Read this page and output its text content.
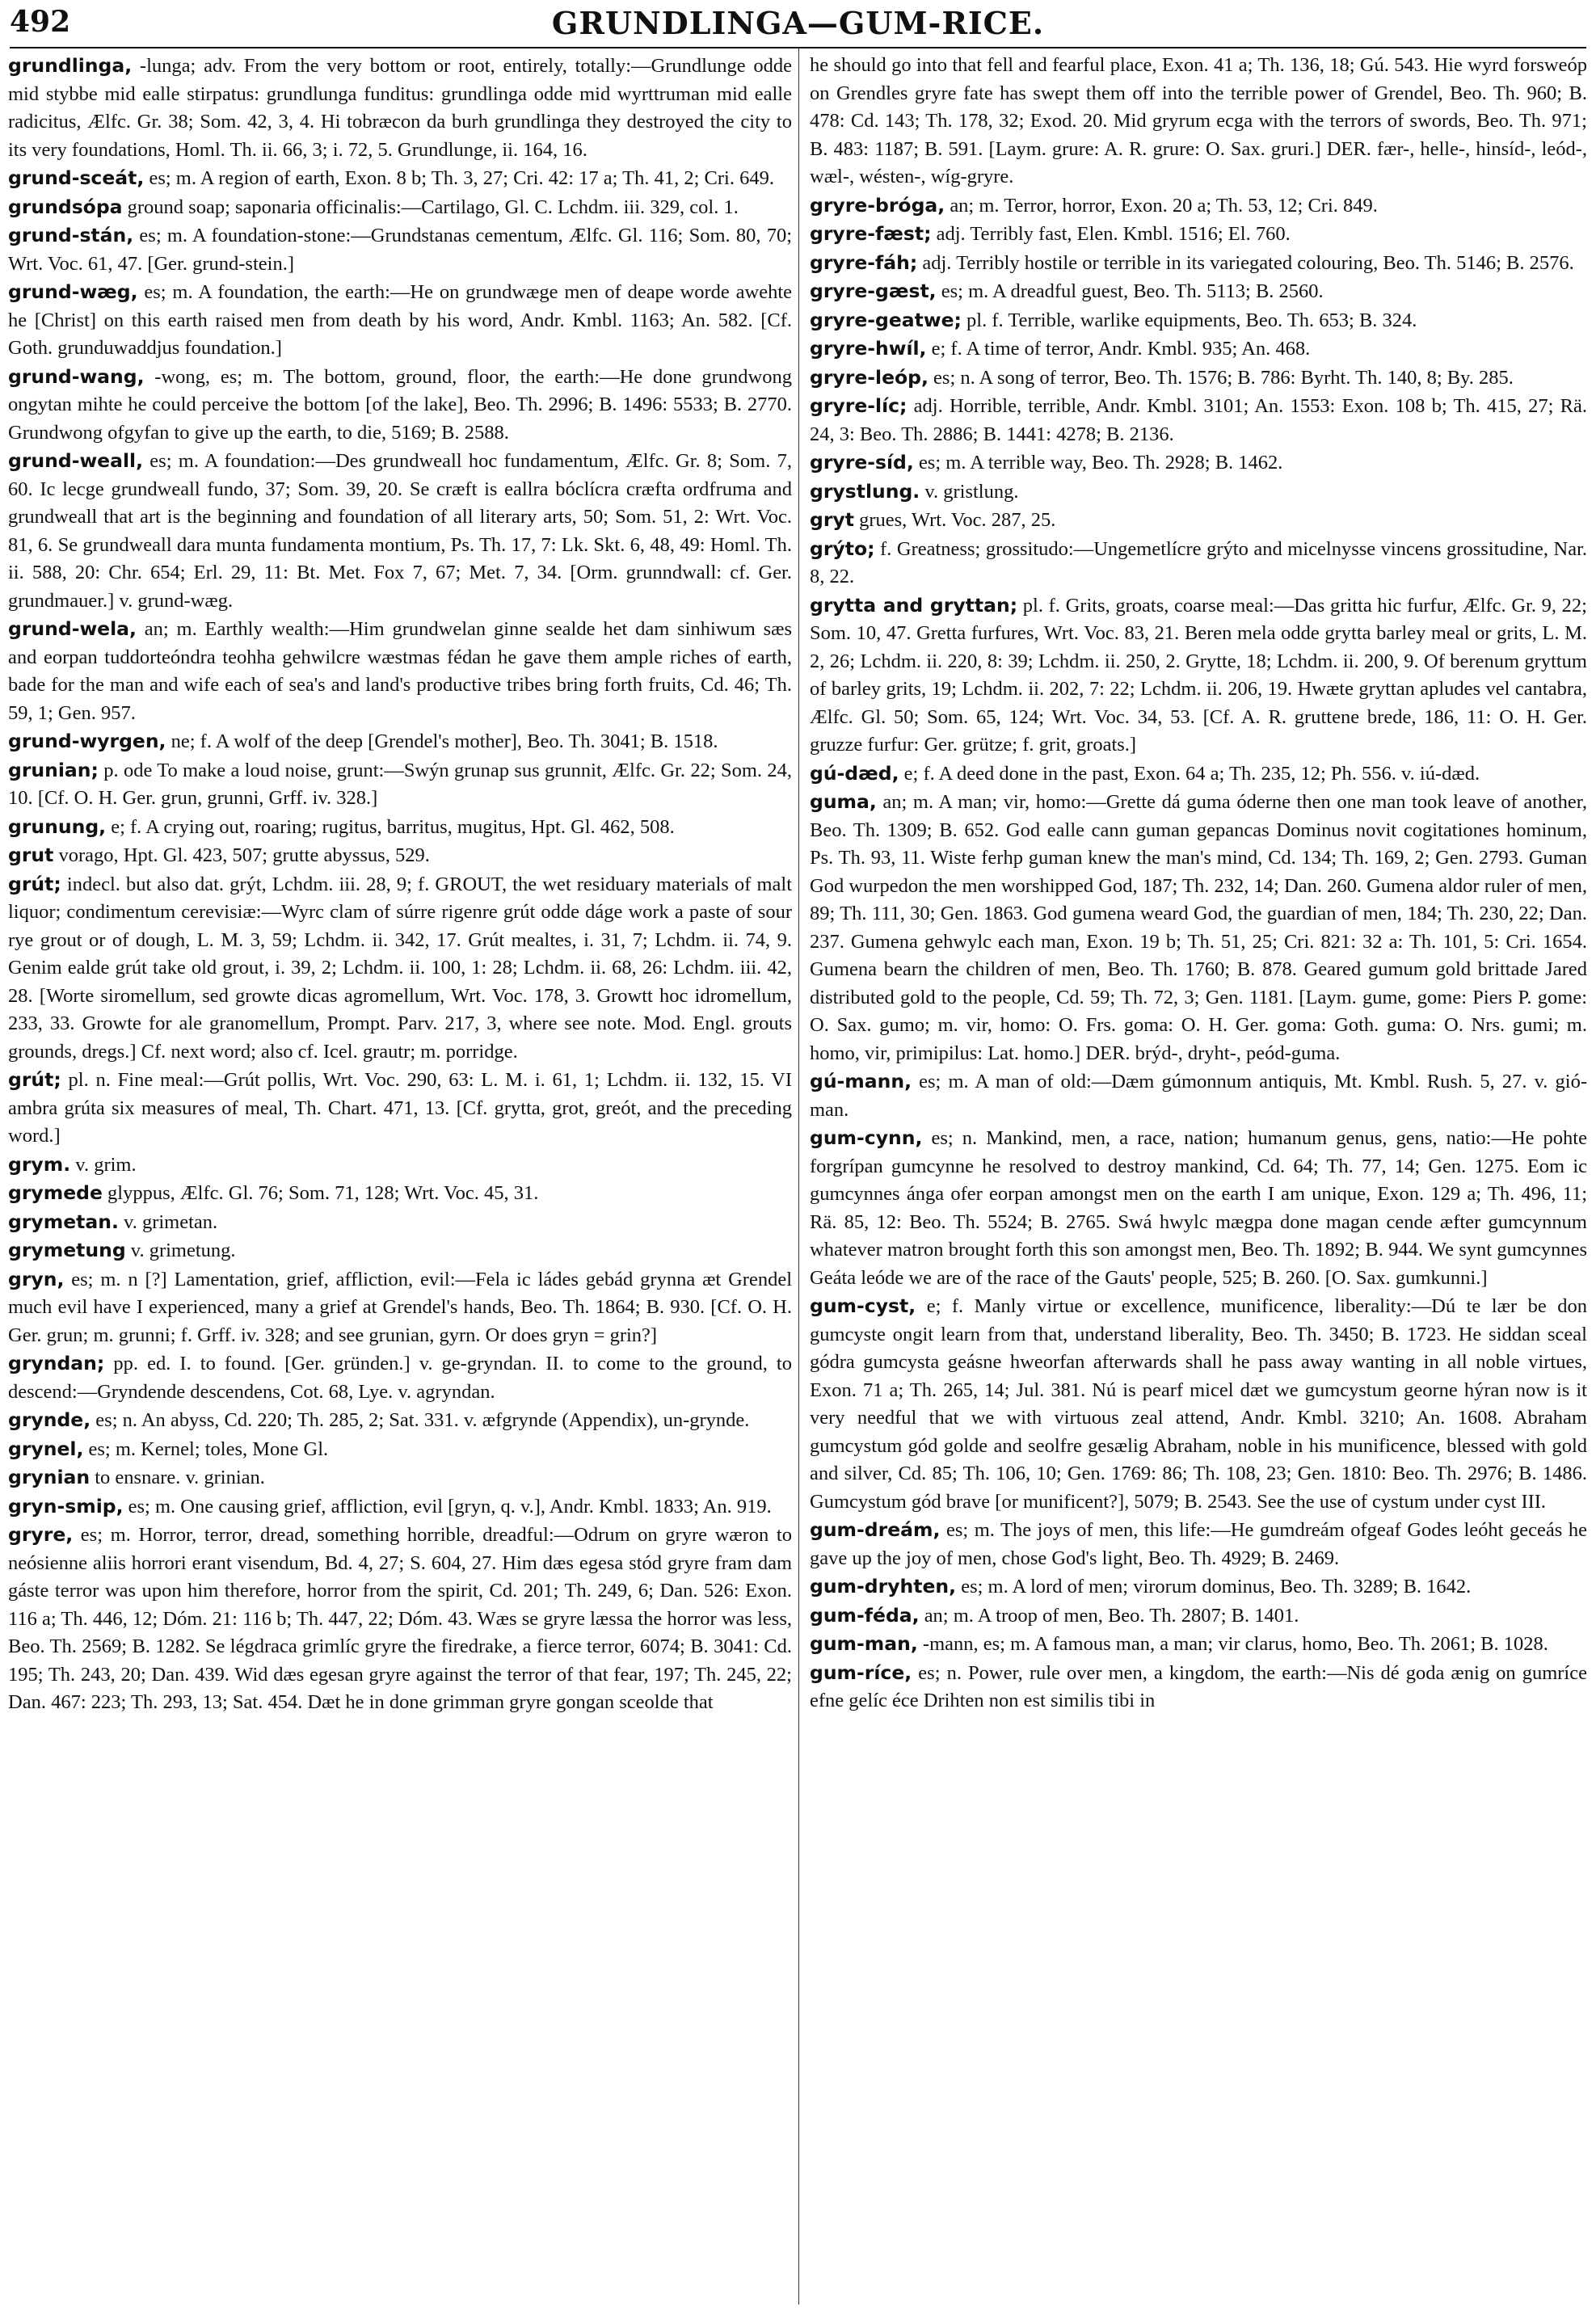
492	GRUNDLINGA—GUM-RICE.

grundlinga, -lunga; adv. From the very bottom or root, entirely, totally:—Grundlunge odde mid stybbe mid ealle stirpatus: grundlunga funditus: grundlinga odde mid wyrttruman mid ealle radicitus, Ælfc. Gr. 38; Som. 42, 3, 4. Hi tobræcon da burh grundlinga they destroyed the city to its very foundations, Homl. Th. ii. 66, 3; i. 72, 5. Grundlunge, ii. 164, 16.

grund-sceát, es; m. A region of earth, Exon. 8 b; Th. 3, 27; Cri. 42: 17 a; Th. 41, 2; Cri. 649.

grundsópa ground soap; saponaria officinalis:—Cartilago, Gl. C. Lchdm. iii. 329, col. 1.

grund-stán, es; m. A foundation-stone:—Grundstanas cementum, Ælfc. Gl. 116; Som. 80, 70; Wrt. Voc. 61, 47. [Ger. grund-stein.]

grund-wæg, es; m. A foundation, the earth:—He on grundwæge men of deape worde awehte he [Christ] on this earth raised men from death by his word, Andr. Kmbl. 1163; An. 582. [Cf. Goth. grunduwaddjus foundation.]

grund-wang, -wong, es; m. The bottom, ground, floor, the earth:—He done grundwong ongytan mihte he could perceive the bottom [of the lake], Beo. Th. 2996; B. 1496: 5533; B. 2770. Grundwong ofgyfan to give up the earth, to die, 5169; B. 2588.

grund-weall, es; m. A foundation:—Des grundweall hoc fundamentum, Ælfc. Gr. 8; Som. 7, 60. Ic lecge grundweall fundo, 37; Som. 39, 20. Se cræft is eallra bóclícra cræfta ordfruma and grundweall that art is the beginning and foundation of all literary arts, 50; Som. 51, 2: Wrt. Voc. 81, 6. Se grundweall dara munta fundamenta montium, Ps. Th. 17, 7: Lk. Skt. 6, 48, 49: Homl. Th. ii. 588, 20: Chr. 654; Erl. 29, 11: Bt. Met. Fox 7, 67; Met. 7, 34. [Orm. grunndwall: cf. Ger. grundmauer.] v. grund-wæg.

grund-wela, an; m. Earthly wealth:—Him grundwelan ginne sealde het dam sinhiwum sæs and eorpan tuddorteóndra teohha gehwilcre wæstmas fédan he gave them ample riches of earth, bade for the man and wife each of sea's and land's productive tribes bring forth fruits, Cd. 46; Th. 59, 1; Gen. 957.

grund-wyrgen, ne; f. A wolf of the deep [Grendel's mother], Beo. Th. 3041; B. 1518.

grunian; p. ode To make a loud noise, grunt:—Swýn grunap sus grunnit, Ælfc. Gr. 22; Som. 24, 10. [Cf. O. H. Ger. grun, grunni, Grff. iv. 328.]

grunung, e; f. A crying out, roaring; rugitus, barritus, mugitus, Hpt. Gl. 462, 508.

grut vorago, Hpt. Gl. 423, 507; grutte abyssus, 529.

grút; indecl. but also dat. grýt, Lchdm. iii. 28, 9; f. GROUT, the wet residuary materials of malt liquor; condimentum cerevisiæ:—Wyrc clam of súrre rigenre grút odde dáge work a paste of sour rye grout or of dough, L. M. 3, 59; Lchdm. ii. 342, 17. Grút mealtes, i. 31, 7; Lchdm. ii. 74, 9. Genim ealde grút take old grout, i. 39, 2; Lchdm. ii. 100, 1: 28; Lchdm. ii. 68, 26: Lchdm. iii. 42, 28. [Worte siromellum, sed growte dicas agromellum, Wrt. Voc. 178, 3. Growtt hoc idromellum, 233, 33. Growte for ale granomellum, Prompt. Parv. 217, 3, where see note. Mod. Engl. grouts grounds, dregs.] Cf. next word; also cf. Icel. grautr; m. porridge.

grút; pl. n. Fine meal:—Grút pollis, Wrt. Voc. 290, 63: L. M. i. 61, 1; Lchdm. ii. 132, 15. VI ambra grúta six measures of meal, Th. Chart. 471, 13. [Cf. grytta, grot, greót, and the preceding word.]

grym. v. grim.

grymede glyppus, Ælfc. Gl. 76; Som. 71, 128; Wrt. Voc. 45, 31.

grymetan. v. grimetan.

grymetung v. grimetung.

gryn, es; m. n [?] Lamentation, grief, affliction, evil:—Fela ic ládes gebád grynna æt Grendel much evil have I experienced, many a grief at Grendel's hands, Beo. Th. 1864; B. 930. [Cf. O. H. Ger. grun; m. grunni; f. Grff. iv. 328; and see grunian, gyrn. Or does gryn = grin?]

gryndan; pp. ed. I. to found. [Ger. gründen.] v. ge-gryndan. II. to come to the ground, to descend:—Gryndende descendens, Cot. 68, Lye. v. agryndan.

grynde, es; n. An abyss, Cd. 220; Th. 285, 2; Sat. 331. v. æfgrynde (Appendix), un-grynde.

grynel, es; m. Kernel; toles, Mone Gl.

grynian to ensnare. v. grinian.

gryn-smip, es; m. One causing grief, affliction, evil [gryn, q. v.], Andr. Kmbl. 1833; An. 919.

gryre, es; m. Horror, terror, dread, something horrible, dreadful:—Odrum on gryre wæron to neósienne aliis horrori erant visendum, Bd. 4, 27; S. 604, 27. Him dæs egesa stód gryre fram dam gáste terror was upon him therefore, horror from the spirit, Cd. 201; Th. 249, 6; Dan. 526: Exon. 116 a; Th. 446, 12; Dóm. 21: 116 b; Th. 447, 22; Dóm. 43. Wæs se gryre læssa the horror was less, Beo. Th. 2569; B. 1282. Se légdraca grimlíc gryre the firedrake, a fierce terror, 6074; B. 3041: Cd. 195; Th. 243, 20; Dan. 439. Wid dæs egesan gryre against the terror of that fear, 197; Th. 245, 22; Dan. 467: 223; Th. 293, 13; Sat. 454. Dæt he in done grimman gryre gongan sceolde that

he should go into that fell and fearful place, Exon. 41 a; Th. 136, 18; Gú. 543. Hie wyrd forsweóp on Grendles gryre fate has swept them off into the terrible power of Grendel, Beo. Th. 960; B. 478: Cd. 143; Th. 178, 32; Exod. 20. Mid gryrum ecga with the terrors of swords, Beo. Th. 971; B. 483: 1187; B. 591. [Laym. grure: A. R. grure: O. Sax. gruri.] DER. fær-, helle-, hinsíd-, leód-, wæl-, wésten-, wíg-gryre.

gryre-bróga, an; m. Terror, horror, Exon. 20 a; Th. 53, 12; Cri. 849.

gryre-fæst; adj. Terribly fast, Elen. Kmbl. 1516; El. 760.

gryre-fáh; adj. Terribly hostile or terrible in its variegated colouring, Beo. Th. 5146; B. 2576.

gryre-gæst, es; m. A dreadful guest, Beo. Th. 5113; B. 2560.

gryre-geatwe; pl. f. Terrible, warlike equipments, Beo. Th. 653; B. 324.

gryre-hwíl, e; f. A time of terror, Andr. Kmbl. 935; An. 468.

gryre-leóp, es; n. A song of terror, Beo. Th. 1576; B. 786: Byrht. Th. 140, 8; By. 285.

gryre-líc; adj. Horrible, terrible, Andr. Kmbl. 3101; An. 1553: Exon. 108 b; Th. 415, 27; Rä. 24, 3: Beo. Th. 2886; B. 1441: 4278; B. 2136.

gryre-síd, es; m. A terrible way, Beo. Th. 2928; B. 1462.

grystlung. v. gristlung.

gryt grues, Wrt. Voc. 287, 25.

grýto; f. Greatness; grossitudo:—Ungemetlícre grýto and micelnysse vincens grossitudine, Nar. 8, 22.

grytta and gryttan; pl. f. Grits, groats, coarse meal:—Das gritta hic furfur, Ælfc. Gr. 9, 22; Som. 10, 47. Gretta furfures, Wrt. Voc. 83, 21. Beren mela odde grytta barley meal or grits, L. M. 2, 26; Lchdm. ii. 220, 8: 39; Lchdm. ii. 250, 2. Grytte, 18; Lchdm. ii. 200, 9. Of berenum gryttum of barley grits, 19; Lchdm. ii. 202, 7: 22; Lchdm. ii. 206, 19. Hwæte gryttan apludes vel cantabra, Ælfc. Gl. 50; Som. 65, 124; Wrt. Voc. 34, 53. [Cf. A. R. gruttene brede, 186, 11: O. H. Ger. gruzze furfur: Ger. grütze; f. grit, groats.]

gú-dæd, e; f. A deed done in the past, Exon. 64 a; Th. 235, 12; Ph. 556. v. iú-dæd.

guma, an; m. A man; vir, homo:—Grette dá guma óderne then one man took leave of another, Beo. Th. 1309; B. 652. God ealle cann guman gepancas Dominus novit cogitationes hominum, Ps. Th. 93, 11. Wiste ferhp guman knew the man's mind, Cd. 134; Th. 169, 2; Gen. 2793. Guman God wurpedon the men worshipped God, 187; Th. 232, 14; Dan. 260. Gumena aldor ruler of men, 89; Th. 111, 30; Gen. 1863. God gumena weard God, the guardian of men, 184; Th. 230, 22; Dan. 237. Gumena gehwylc each man, Exon. 19 b; Th. 51, 25; Cri. 821: 32 a: Th. 101, 5: Cri. 1654. Gumena bearn the children of men, Beo. Th. 1760; B. 878. Geared gumum gold brittade Jared distributed gold to the people, Cd. 59; Th. 72, 3; Gen. 1181. [Laym. gume, gome: Piers P. gome: O. Sax. gumo; m. vir, homo: O. Frs. goma: O. H. Ger. goma: Goth. guma: O. Nrs. gumi; m. homo, vir, primipilus: Lat. homo.] DER. brýd-, dryht-, peód-guma.

gú-mann, es; m. A man of old:—Dæm gúmonnum antiquis, Mt. Kmbl. Rush. 5, 27. v. gió-man.

gum-cynn, es; n. Mankind, men, a race, nation; humanum genus, gens, natio:—He pohte forgrípan gumcynne he resolved to destroy mankind, Cd. 64; Th. 77, 14; Gen. 1275. Eom ic gumcynnes ánga ofer eorpan amongst men on the earth I am unique, Exon. 129 a; Th. 496, 11; Rä. 85, 12: Beo. Th. 5524; B. 2765. Swá hwylc mægpa done magan cende æfter gumcynnum whatever matron brought forth this son amongst men, Beo. Th. 1892; B. 944. We synt gumcynnes Geáta leóde we are of the race of the Gauts' people, 525; B. 260. [O. Sax. gumkunni.]

gum-cyst, e; f. Manly virtue or excellence, munificence, liberality:—Dú te lær be don gumcyste ongit learn from that, understand liberality, Beo. Th. 3450; B. 1723. He siddan sceal gódra gumcysta geásne hweorfan afterwards shall he pass away wanting in all noble virtues, Exon. 71 a; Th. 265, 14; Jul. 381. Nú is pearf micel dæt we gumcystum georne hýran now is it very needful that we with virtuous zeal attend, Andr. Kmbl. 3210; An. 1608. Abraham gumcystum gód golde and seolfre gesælig Abraham, noble in his munificence, blessed with gold and silver, Cd. 85; Th. 106, 10; Gen. 1769: 86; Th. 108, 23; Gen. 1810: Beo. Th. 2976; B. 1486. Gumcystum gód brave [or munificent?], 5079; B. 2543. See the use of cystum under cyst III.

gum-dreám, es; m. The joys of men, this life:—He gumdreám ofgeaf Godes leóht geceás he gave up the joy of men, chose God's light, Beo. Th. 4929; B. 2469.

gum-dryhten, es; m. A lord of men; virorum dominus, Beo. Th. 3289; B. 1642.

gum-féda, an; m. A troop of men, Beo. Th. 2807; B. 1401.

gum-man, -mann, es; m. A famous man, a man; vir clarus, homo, Beo. Th. 2061; B. 1028.

gum-ríce, es; n. Power, rule over men, a kingdom, the earth:—Nis dé goda ænig on gumríce efne gelíc éce Drihten non est similis tibi in
